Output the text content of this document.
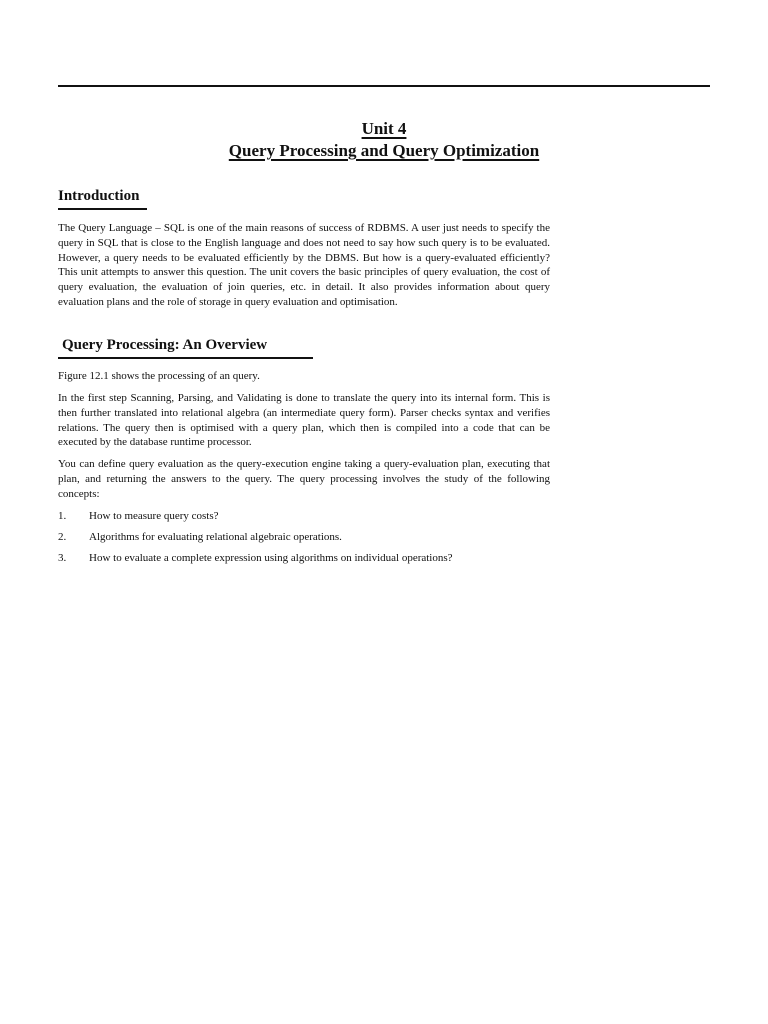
Unit 4
Query Processing and Query Optimization
Introduction

The Query Language – SQL is one of the main reasons of success of RDBMS. A user just needs to specify the query in SQL that is close to the English language and does not need to say how such query is to be evaluated. However, a query needs to be evaluated efficiently by the DBMS. But how is a query-evaluated efficiently? This unit attempts to answer this question. The unit covers the basic principles of query evaluation, the cost of query evaluation, the evaluation of join queries, etc. in detail. It also provides information about query evaluation plans and the role of storage in query evaluation and optimisation.

Query Processing: An Overview

Figure 12.1 shows the processing of an query.

In the first step Scanning, Parsing, and Validating is done to translate the query into its internal form. This is then further translated into relational algebra (an intermediate query form). Parser checks syntax and verifies relations. The query then is optimised with a query plan, which then is compiled into a code that can be executed by the database runtime processor.

You can define query evaluation as the query-execution engine taking a query-evaluation plan, executing that plan, and returning the answers to the query. The query processing involves the study of the following concepts:

1.	How to measure query costs?
2.	Algorithms for evaluating relational algebraic operations.
3.	How to evaluate a complete expression using algorithms on individual operations?
